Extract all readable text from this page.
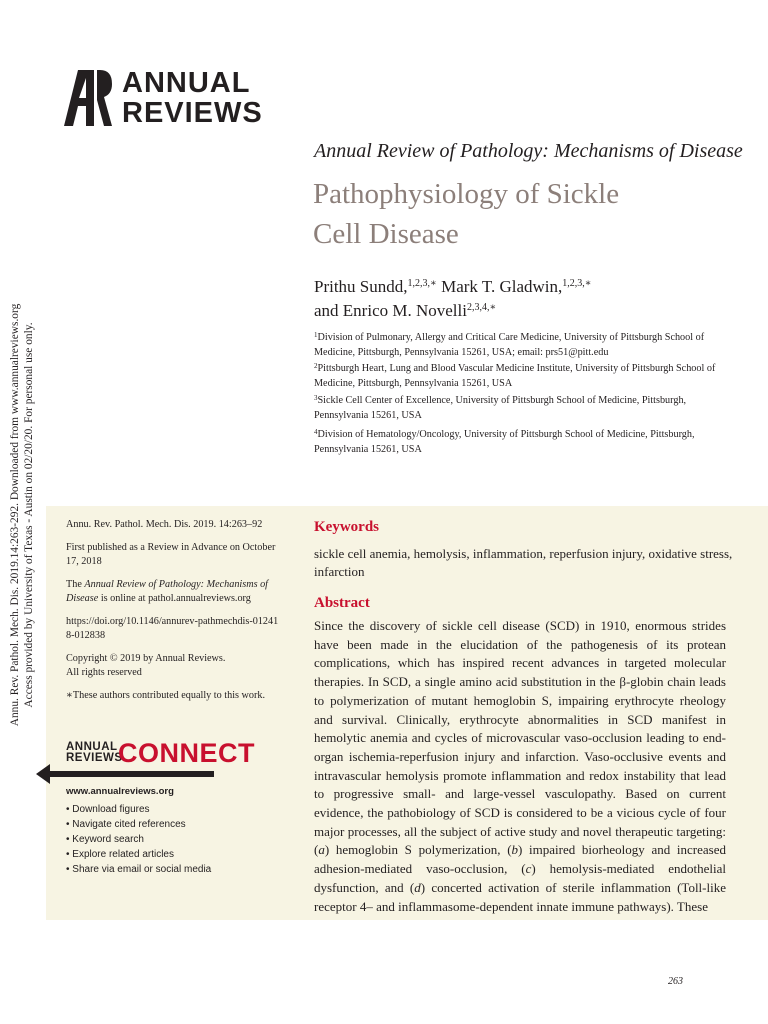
Annu. Rev. Pathol. Mech. Dis. 2019.14:263-292. Downloaded from www.annualreviews.org Access provided by University of Texas - Austin on 02/20/20. For personal use only.
ANNUAL
REVIEWS
Annual Review of Pathology: Mechanisms of Disease
Pathophysiology of Sickle
Cell Disease
Prithu Sundd,$^{1,2,3,∗}$ Mark T. Gladwin,$^{1,2,3,∗}$
and Enrico M. Novelli$^{2,3,4,∗}$
$^1$Division of Pulmonary, Allergy and Critical Care Medicine, University of Pittsburgh School of Medicine, Pittsburgh, Pennsylvania 15261, USA; email: prs51@pitt.edu
$^2$Pittsburgh Heart, Lung and Blood Vascular Medicine Institute, University of Pittsburgh School of Medicine, Pittsburgh, Pennsylvania 15261, USA
$^3$Sickle Cell Center of Excellence, University of Pittsburgh School of Medicine, Pittsburgh, Pennsylvania 15261, USA
$^4$Division of Hematology/Oncology, University of Pittsburgh School of Medicine, Pittsburgh, Pennsylvania 15261, USA

Annu. Rev. Pathol. Mech. Dis. 2019. 14:263–92

First published as a Review in Advance on October 17, 2018

The Annual Review of Pathology: Mechanisms of Disease is online at pathol.annualreviews.org

https://doi.org/10.1146/annurev-pathmechdis-012418-012838

Copyright © 2019 by Annual Reviews.
All rights reserved

∗These authors contributed equally to this work.

ANNUAL
REVIEWS
CONNECT
www.annualreviews.org
• Download figures
• Navigate cited references
• Keyword search
• Explore related articles
• Share via email or social media
Keywords
sickle cell anemia, hemolysis, inflammation, reperfusion injury, oxidative stress, infarction
Abstract
Since the discovery of sickle cell disease (SCD) in 1910, enormous strides have been made in the elucidation of the pathogenesis of its protean complications, which has inspired recent advances in targeted molecular therapies. In SCD, a single amino acid substitution in the β-globin chain leads to polymerization of mutant hemoglobin S, impairing erythrocyte rheology and survival. Clinically, erythrocyte abnormalities in SCD manifest in hemolytic anemia and cycles of microvascular vaso-occlusion leading to end-organ ischemia-reperfusion injury and infarction. Vaso-occlusive events and intravascular hemolysis promote inflammation and redox instability that lead to progressive small- and large-vessel vasculopathy. Based on current evidence, the pathobiology of SCD is considered to be a vicious cycle of four major processes, all the subject of active study and novel therapeutic targeting: (a) hemoglobin S polymerization, (b) impaired biorheology and increased adhesion-mediated vaso-occlusion, (c) hemolysis-mediated endothelial dysfunction, and (d) concerted activation of sterile inflammation (Toll-like receptor 4– and inflammasome-dependent innate immune pathways). These
263
